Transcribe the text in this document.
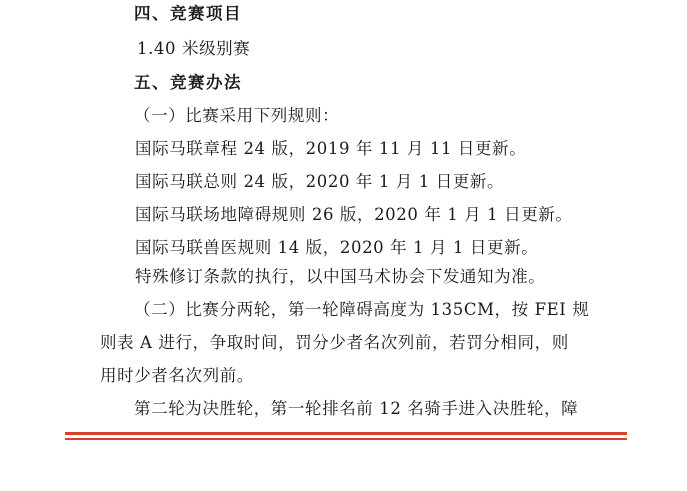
四、竞赛项目
1.40 米级别赛
五、竞赛办法
（一）比赛采用下列规则：
国际马联章程 24 版，2019 年 11 月 11 日更新。
国际马联总则 24 版，2020 年 1 月 1 日更新。
国际马联场地障碍规则 26 版，2020 年 1 月 1 日更新。
国际马联兽医规则 14 版，2020 年 1 月 1 日更新。
特殊修订条款的执行，以中国马术协会下发通知为准。
（二）比赛分两轮，第一轮障碍高度为 135CM，按 FEI 规
则表 A 进行，争取时间，罚分少者名次列前，若罚分相同，则
用时少者名次列前。
第二轮为决胜轮，第一轮排名前 12 名骑手进入决胜轮，障
